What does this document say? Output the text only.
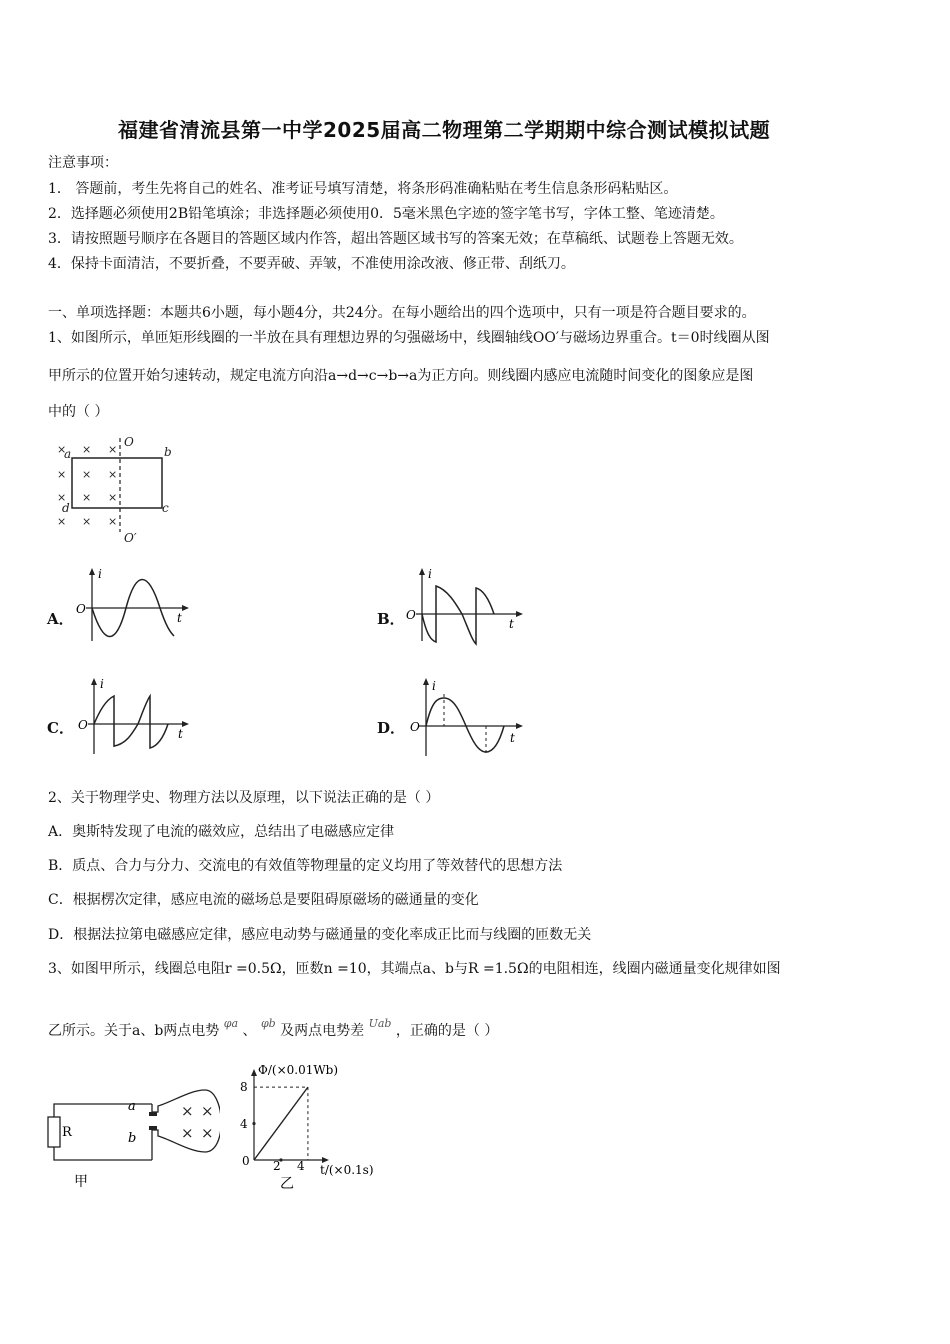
福建省清流县第一中学2025届高二物理第二学期期中综合测试模拟试题
注意事项：
1． 答题前，考生先将自己的姓名、准考证号填写清楚，将条形码准确粘贴在考生信息条形码粘贴区。
2．选择题必须使用2B铅笔填涂；非选择题必须使用0．5毫米黑色字迹的签字笔书写，字体工整、笔迹清楚。
3．请按照题号顺序在各题目的答题区域内作答，超出答题区域书写的答案无效；在草稿纸、试题卷上答题无效。
4．保持卡面清洁，不要折叠，不要弄破、弄皱，不准使用涂改液、修正带、刮纸刀。
一、单项选择题：本题共6小题，每小题4分，共24分。在每小题给出的四个选项中，只有一项是符合题目要求的。
1、如图所示，单匝矩形线圈的一半放在具有理想边界的匀强磁场中，线圈轴线OO′与磁场边界重合。t＝0时线圈从图
甲所示的位置开始匀速转动，规定电流方向沿a→d→c→b→a为正方向。则线圈内感应电流随时间变化的图象应是图
中的（ ）
× × ×
× × ×
× × ×
× × ×
O
O′
a	b
c
d
A．
i
t
O
B．
i
t
O
C．
i
t
O	D．
i
t
O
2、关于物理学史、物理方法以及原理，以下说法正确的是（ ）
A．奥斯特发现了电流的磁效应，总结出了电磁感应定律
B．质点、合力与分力、交流电的有效值等物理量的定义均用了等效替代的思想方法
C．根据楞次定律，感应电流的磁场总是要阻碍原磁场的磁通量的变化
D．根据法拉第电磁感应定律，感应电动势与磁通量的变化率成正比而与线圈的匝数无关
3、如图甲所示，线圈总电阻r =0.5Ω，匝数n =10，其端点a、b与R =1.5Ω的电阻相连，线圈内磁通量变化规律如图
乙所示。关于a、b两点电势 $^{\varphi a}$ 、 $^{\varphi b}$ 及两点电势差 $^{Uab}$ ，正确的是（ ）
R
a
b
× ×
× ×
甲
Φ/(×0.01Wb)
t/(×0.1s)
8
4
0 2 4
乙
